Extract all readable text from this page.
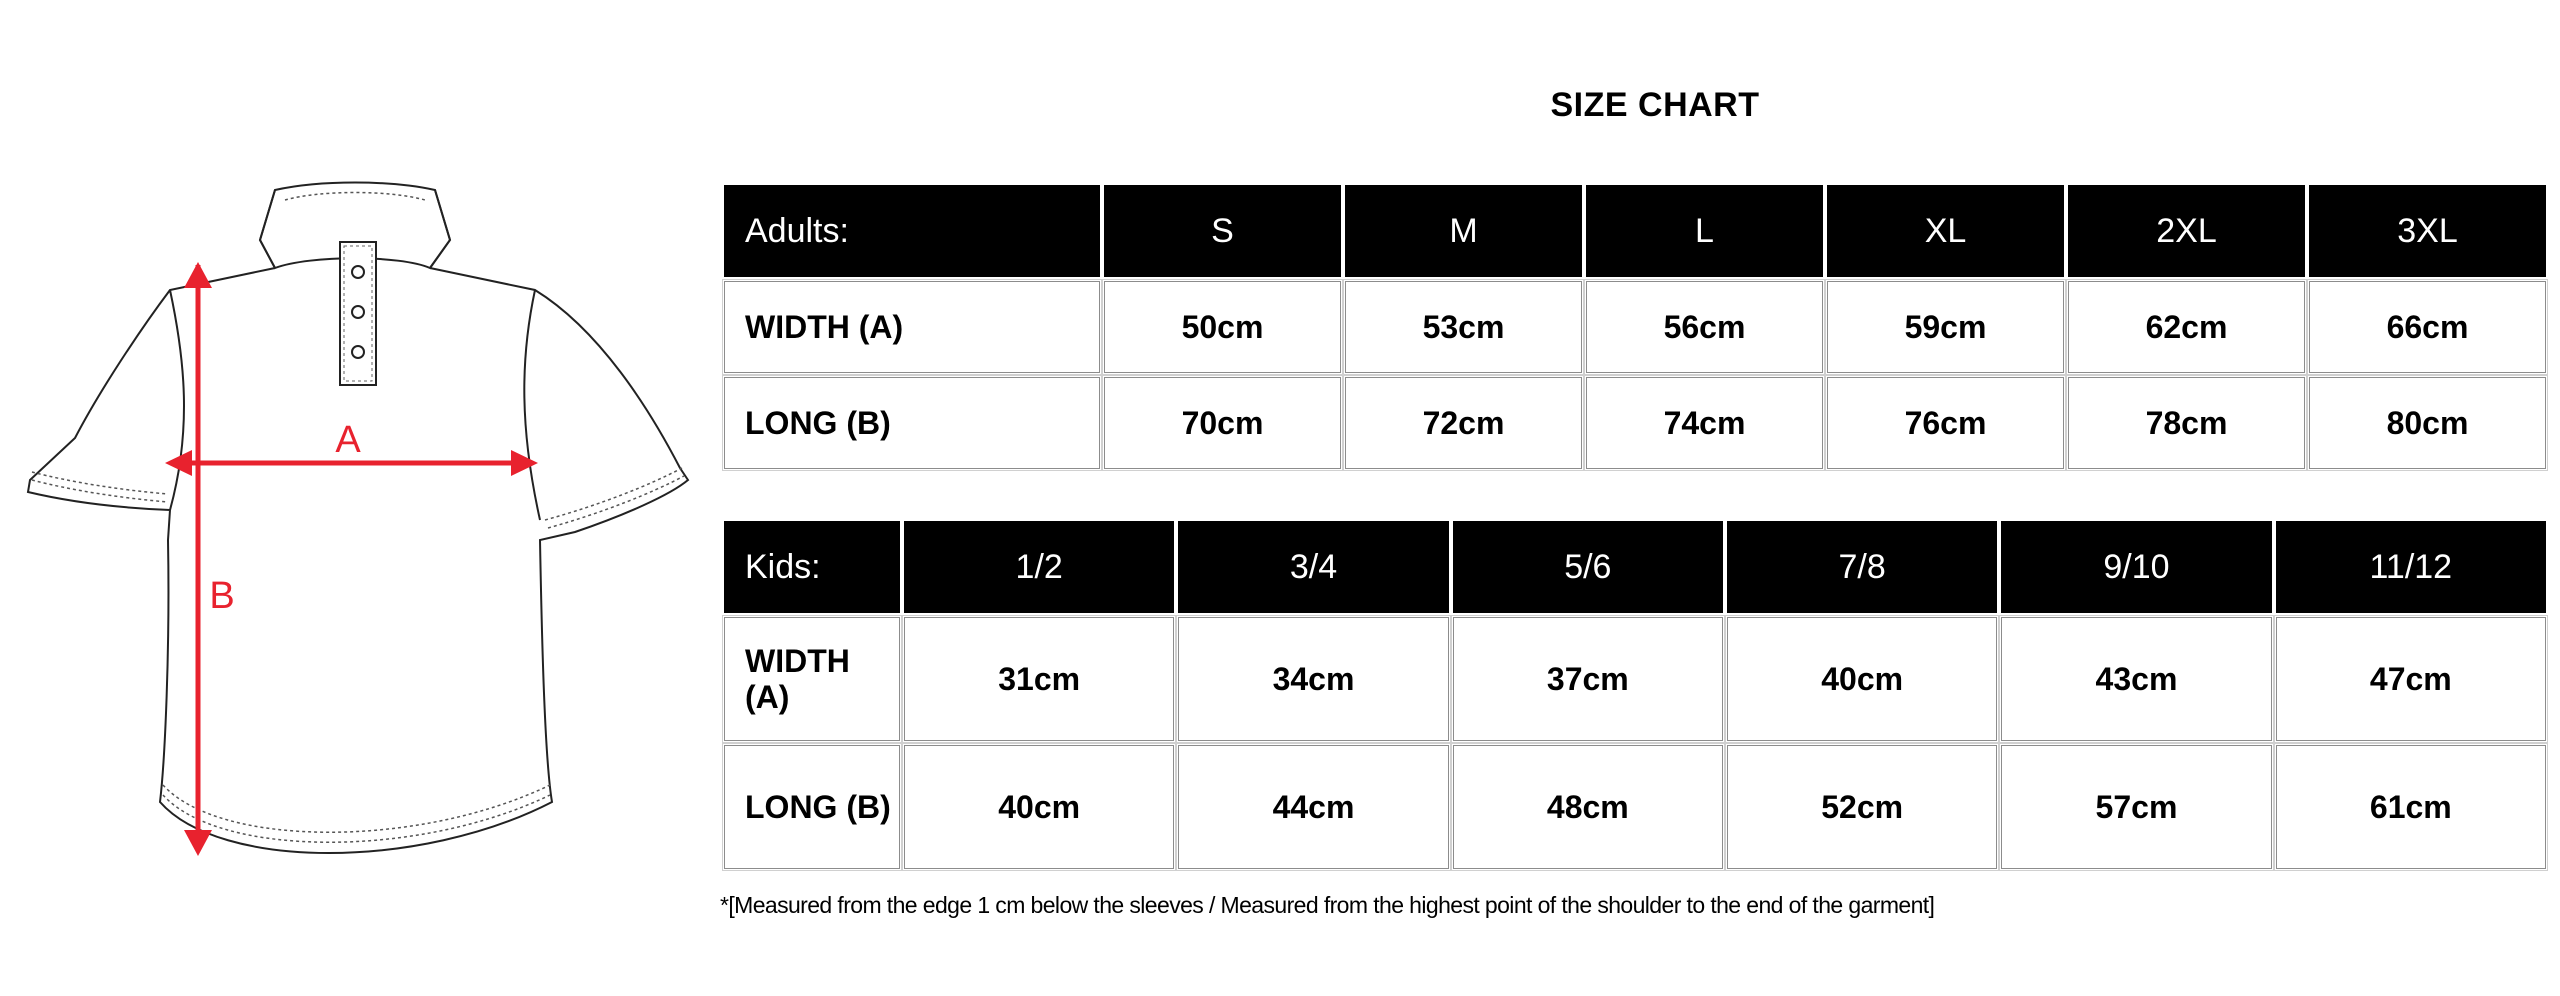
A
B
SIZE CHART
Adults:	S	M	L	XL	2XL	3XL
WIDTH (A)	50cm	53cm	56cm	59cm	62cm	66cm
LONG (B)	70cm	72cm	74cm	76cm	78cm	80cm
Kids:	1/2	3/4	5/6	7/8	9/10	11/12
WIDTH (A)	31cm	34cm	37cm	40cm	43cm	47cm
LONG (B)	40cm	44cm	48cm	52cm	57cm	61cm
*[Measured from the edge 1 cm below the sleeves / Measured from the highest point of the shoulder to the end of the garment]
